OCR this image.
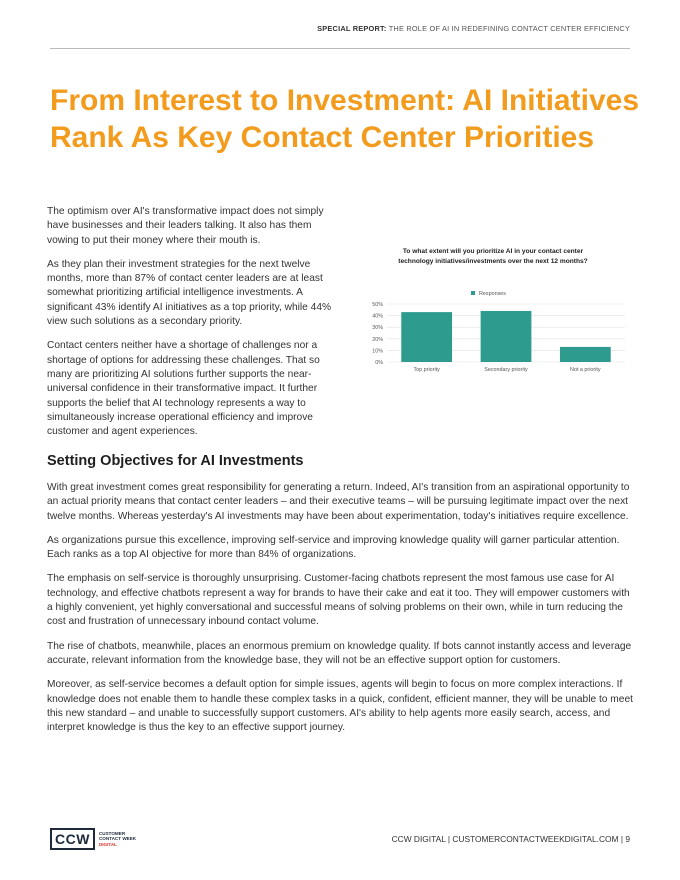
SPECIAL REPORT: THE ROLE OF AI IN REDEFINING CONTACT CENTER EFFICIENCY
From Interest to Investment: AI Initiatives Rank As Key Contact Center Priorities

The optimism over AI's transformative impact does not simply have businesses and their leaders talking. It also has them vowing to put their money where their mouth is.

As they plan their investment strategies for the next twelve months, more than 87% of contact center leaders are at least somewhat prioritizing artificial intelligence investments. A significant 43% identify AI initiatives as a top priority, while 44% view such solutions as a secondary priority.

Contact centers neither have a shortage of challenges nor a shortage of options for addressing these challenges. That so many are prioritizing AI solutions further supports the near-universal confidence in their transformative impact. It further supports the belief that AI technology represents a way to simultaneously increase operational efficiency and improve customer and agent experiences.

To what extent will you prioritize AI in your contact center technology initiatives/investments over the next 12 months?
Responses
0%
10%
20%
30%
40%
50%
Top priority	Secondary priority	Not a priority
Setting Objectives for AI Investments

With great investment comes great responsibility for generating a return. Indeed, AI's transition from an aspirational opportunity to an actual priority means that contact center leaders – and their executive teams – will be pursuing legitimate impact over the next twelve months. Whereas yesterday's AI investments may have been about experimentation, today's initiatives require excellence.

As organizations pursue this excellence, improving self-service and improving knowledge quality will garner particular attention. Each ranks as a top AI objective for more than 84% of organizations.

The emphasis on self-service is thoroughly unsurprising. Customer-facing chatbots represent the most famous use case for AI technology, and effective chatbots represent a way for brands to have their cake and eat it too. They will empower customers with a highly convenient, yet highly conversational and successful means of solving problems on their own, while in turn reducing the cost and frustration of unnecessary inbound contact volume.

The rise of chatbots, meanwhile, places an enormous premium on knowledge quality. If bots cannot instantly access and leverage accurate, relevant information from the knowledge base, they will not be an effective support option for customers.

Moreover, as self-service becomes a default option for simple issues, agents will begin to focus on more complex interactions. If knowledge does not enable them to handle these complex tasks in a quick, confident, efficient manner, they will be unable to meet this new standard – and unable to successfully support customers. AI's ability to help agents more easily search, access, and interpret knowledge is thus the key to an effective support journey.

CCW	CUSTOMER
CONTACT WEEK
DIGITAL
CCW DIGITAL | CUSTOMERCONTACTWEEKDIGITAL.COM | 9
